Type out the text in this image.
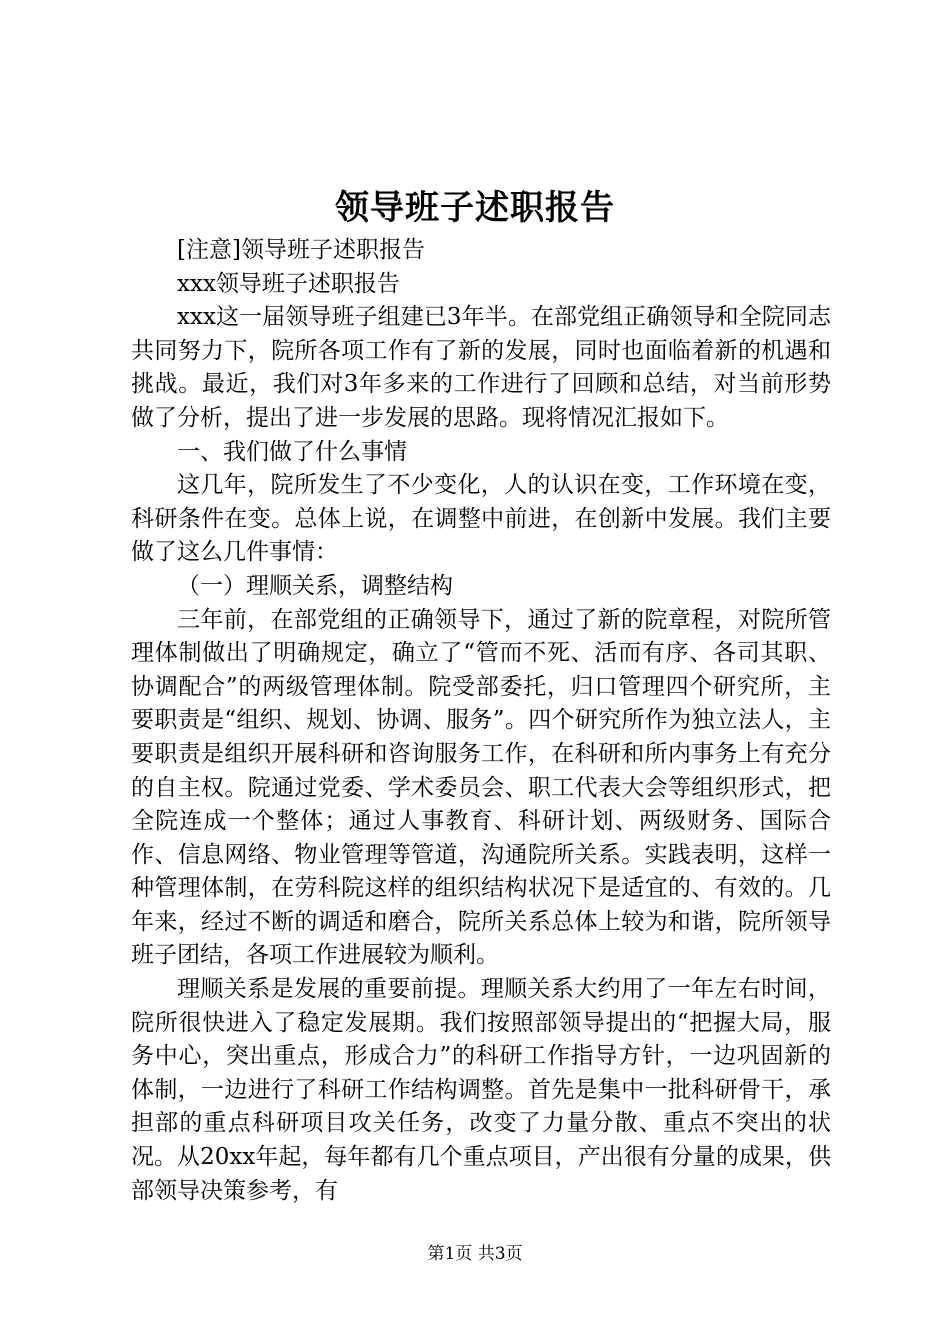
领导班子述职报告

[注意]领导班子述职报告

xxx领导班子述职报告

xxx这一届领导班子组建已3年半。在部党组正确领导和全院同志共同努力下，院所各项工作有了新的发展，同时也面临着新的机遇和挑战。最近，我们对3年多来的工作进行了回顾和总结，对当前形势做了分析，提出了进一步发展的思路。现将情况汇报如下。

一、我们做了什么事情

这几年，院所发生了不少变化，人的认识在变，工作环境在变，科研条件在变。总体上说，在调整中前进，在创新中发展。我们主要做了这么几件事情：

（一）理顺关系，调整结构

三年前，在部党组的正确领导下，通过了新的院章程，对院所管理体制做出了明确规定，确立了“管而不死、活而有序、各司其职、协调配合”的两级管理体制。院受部委托，归口管理四个研究所，主要职责是“组织、规划、协调、服务”。四个研究所作为独立法人，主要职责是组织开展科研和咨询服务工作，在科研和所内事务上有充分的自主权。院通过党委、学术委员会、职工代表大会等组织形式，把全院连成一个整体；通过人事教育、科研计划、两级财务、国际合作、信息网络、物业管理等管道，沟通院所关系。实践表明，这样一种管理体制，在劳科院这样的组织结构状况下是适宜的、有效的。几年来，经过不断的调适和磨合，院所关系总体上较为和谐，院所领导班子团结，各项工作进展较为顺利。

理顺关系是发展的重要前提。理顺关系大约用了一年左右时间，院所很快进入了稳定发展期。我们按照部领导提出的“把握大局，服务中心，突出重点，形成合力”的科研工作指导方针，一边巩固新的体制，一边进行了科研工作结构调整。首先是集中一批科研骨干，承担部的重点科研项目攻关任务，改变了力量分散、重点不突出的状况。从20xx年起，每年都有几个重点项目，产出很有分量的成果，供部领导决策参考，有

第1页 共3页
